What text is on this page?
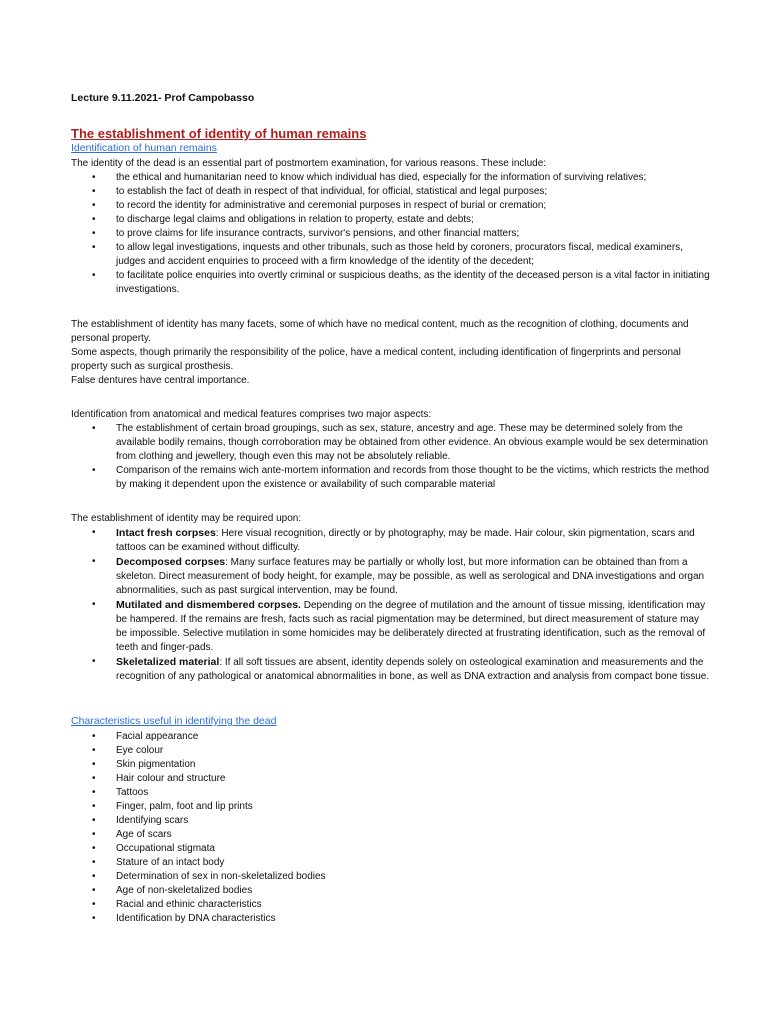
Lecture 9.11.2021- Prof Campobasso
The establishment of identity of human remains
Identification of human remains
The identity of the dead is an essential part of postmortem examination, for various reasons. These include:
• the ethical and humanitarian need to know which individual has died, especially for the information of surviving relatives;
• to establish the fact of death in respect of that individual, for official, statistical and legal purposes;
• to record the identity for administrative and ceremonial purposes in respect of burial or cremation;
• to discharge legal claims and obligations in relation to property, estate and debts;
• to prove claims for life insurance contracts, survivor's pensions, and other financial matters;
• to allow legal investigations, inquests and other tribunals, such as those held by coroners, procurators fiscal, medical examiners, judges and accident enquiries to proceed with a firm knowledge of the identity of the decedent;
• to facilitate police enquiries into overtly criminal or suspicious deaths, as the identity of the deceased person is a vital factor in initiating investigations.
The establishment of identity has many facets, some of which have no medical content, much as the recognition of clothing, documents and personal property.
Some aspects, though primarily the responsibility of the police, have a medical content, including identification of fingerprints and personal property such as surgical prosthesis.
False dentures have central importance.
Identification from anatomical and medical features comprises two major aspects:
• The establishment of certain broad groupings, such as sex, stature, ancestry and age. These may be determined solely from the available bodily remains, though corroboration may be obtained from other evidence. An obvious example would be sex determination from clothing and jewellery, though even this may not be absolutely reliable.
• Comparison of the remains wich ante-mortem information and records from those thought to be the victims, which restricts the method by making it dependent upon the existence or availability of such comparable material
The establishment of identity may be required upon:
• Intact fresh corpses: Here visual recognition, directly or by photography, may be made. Hair colour, skin pigmentation, scars and tattoos can be examined without difficulty.
• Decomposed corpses: Many surface features may be partially or wholly lost, but more information can be obtained than from a skeleton. Direct measurement of body height, for example, may be possible, as well as serological and DNA investigations and organ abnormalities, such as past surgical intervention, may be found.
• Mutilated and dismembered corpses. Depending on the degree of mutilation and the amount of tissue missing, identification may be hampered. If the remains are fresh, facts such as racial pigmentation may be determined, but direct measurement of stature may be impossible. Selective mutilation in some homicides may be deliberately directed at frustrating identification, such as the removal of teeth and finger-pads.
• Skeletalized material: If all soft tissues are absent, identity depends solely on osteological examination and measurements and the recognition of any pathological or anatomical abnormalities in bone, as well as DNA extraction and analysis from compact bone tissue.
Characteristics useful in identifying the dead
• Facial appearance
• Eye colour
• Skin pigmentation
• Hair colour and structure
• Tattoos
• Finger, palm, foot and lip prints
• Identifying scars
• Age of scars
• Occupational stigmata
• Stature of an intact body
• Determination of sex in non-skeletalized bodies
• Age of non-skeletalized bodies
• Racial and ethinic characteristics
• Identification by DNA characteristics
